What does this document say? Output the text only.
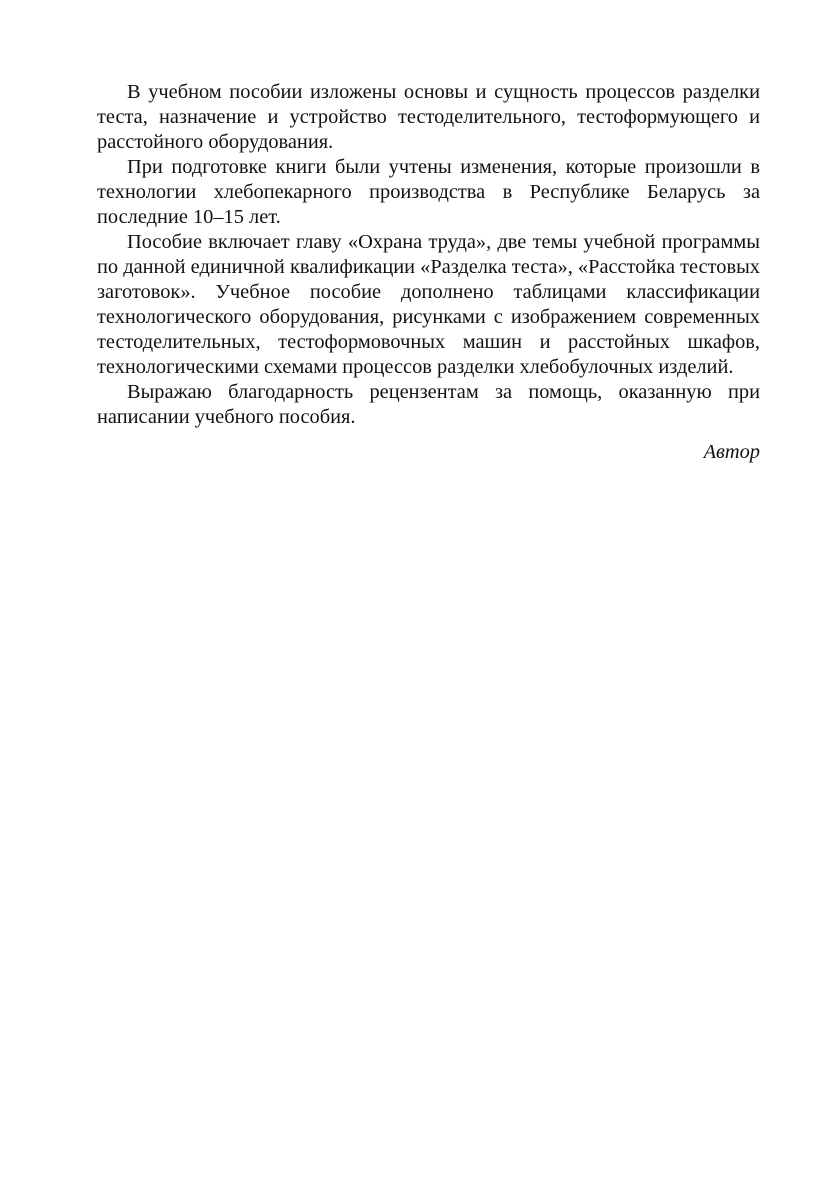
В учебном пособии изложены основы и сущность процессов разделки теста, назначение и устройство тестоделительного, тестоформующего и расстойного оборудования.

При подготовке книги были учтены изменения, которые произошли в технологии хлебопекарного производства в Республике Беларусь за последние 10–15 лет.

Пособие включает главу «Охрана труда», две темы учебной программы по данной единичной квалификации «Разделка теста», «Расстойка тестовых заготовок». Учебное пособие дополнено таблицами классификации технологического оборудования, рисунками с изображением современных тестоделительных, тестоформовочных машин и расстойных шкафов, технологическими схемами процессов разделки хлебобулочных изделий.

Выражаю благодарность рецензентам за помощь, оказанную при написании учебного пособия.

Автор
